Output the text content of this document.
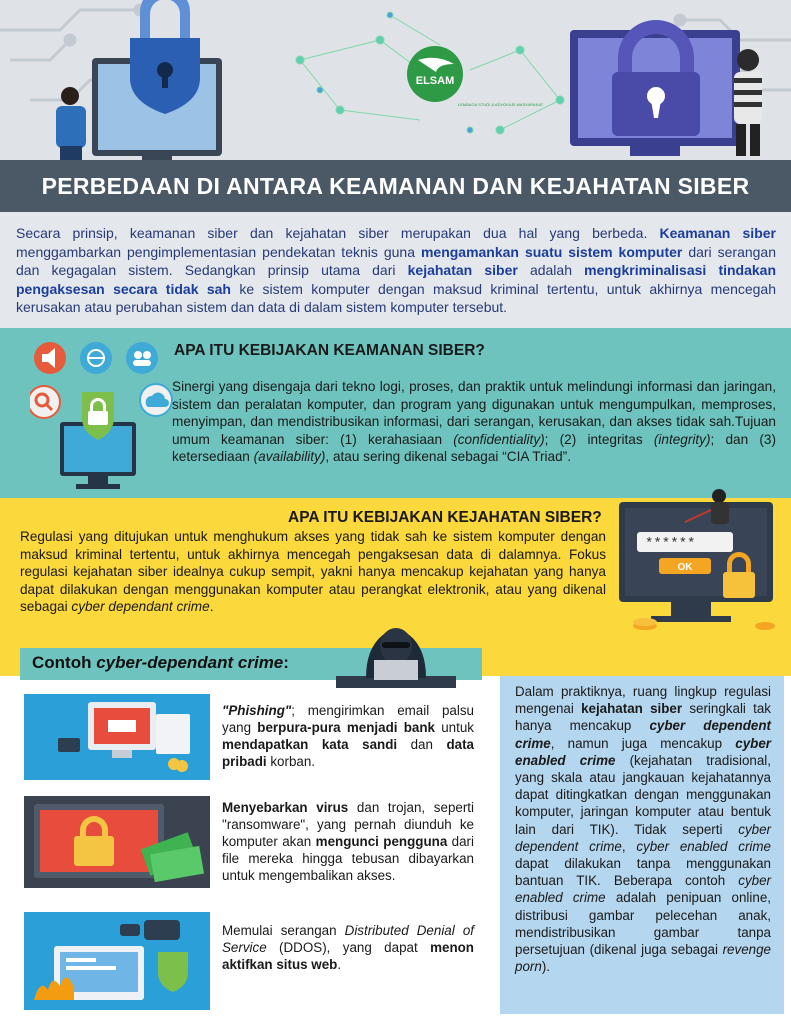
ELSAM
LEMBAGA STUDI & ADVOKASI MASYARAKAT
PERBEDAAN DI ANTARA KEAMANAN DAN KEJAHATAN SIBER

Secara prinsip, keamanan siber dan kejahatan siber merupakan dua hal yang berbeda. Keamanan siber menggambarkan pengimplementasian pendekatan teknis guna mengamankan suatu sistem komputer dari serangan dan kegagalan sistem. Sedangkan prinsip utama dari kejahatan siber adalah mengkriminalisasi tindakan pengaksesan secara tidak sah ke sistem komputer dengan maksud kriminal tertentu, untuk akhirnya mencegah kerusakan atau perubahan sistem dan data di dalam sistem komputer tersebut.

APA ITU KEBIJAKAN KEAMANAN SIBER?

Sinergi yang disengaja dari tekno logi, proses, dan praktik untuk melindungi informasi dan jaringan, sistem dan peralatan komputer, dan program yang digunakan untuk mengumpulkan, memproses, menyimpan, dan mendistribusikan informasi, dari serangan, kerusakan, dan akses tidak sah.Tujuan umum keamanan siber: (1) kerahasiaan (confidentiality); (2) integritas (integrity); dan (3) ketersediaan (availability), atau sering dikenal sebagai “CIA Triad”.

APA ITU KEBIJAKAN KEJAHATAN SIBER?

Regulasi yang ditujukan untuk menghukum akses yang tidak sah ke sistem komputer dengan maksud kriminal tertentu, untuk akhirnya mencegah pengaksesan data di dalamnya. Fokus regulasi kejahatan siber idealnya cukup sempit, yakni hanya mencakup kejahatan yang hanya dapat dilakukan dengan menggunakan komputer atau perangkat elektronik, atau yang dikenal sebagai cyber dependant crime.

******
OK
Contoh cyber-dependant crime:

"Phishing"; mengirimkan email palsu yang berpura-pura menjadi bank untuk mendapatkan kata sandi dan data pribadi korban.

Menyebarkan virus dan trojan, seperti "ransomware", yang pernah diunduh ke komputer akan mengunci pengguna dari file mereka hingga tebusan dibayarkan untuk mengembalikan akses.

Memulai serangan Distributed Denial of Service (DDOS), yang dapat menon aktifkan situs web.

Dalam praktiknya, ruang lingkup regulasi mengenai kejahatan siber seringkali tak hanya mencakup cyber dependent crime, namun juga mencakup cyber enabled crime (kejahatan tradisional, yang skala atau jangkauan kejahatannya dapat ditingkatkan dengan menggunakan komputer, jaringan komputer atau bentuk lain dari TIK). Tidak seperti cyber dependent crime, cyber enabled crime dapat dilakukan tanpa menggunakan bantuan TIK. Beberapa contoh cyber enabled crime adalah penipuan online, distribusi gambar pelecehan anak, mendistribusikan gambar tanpa persetujuan (dikenal juga sebagai revenge porn).
